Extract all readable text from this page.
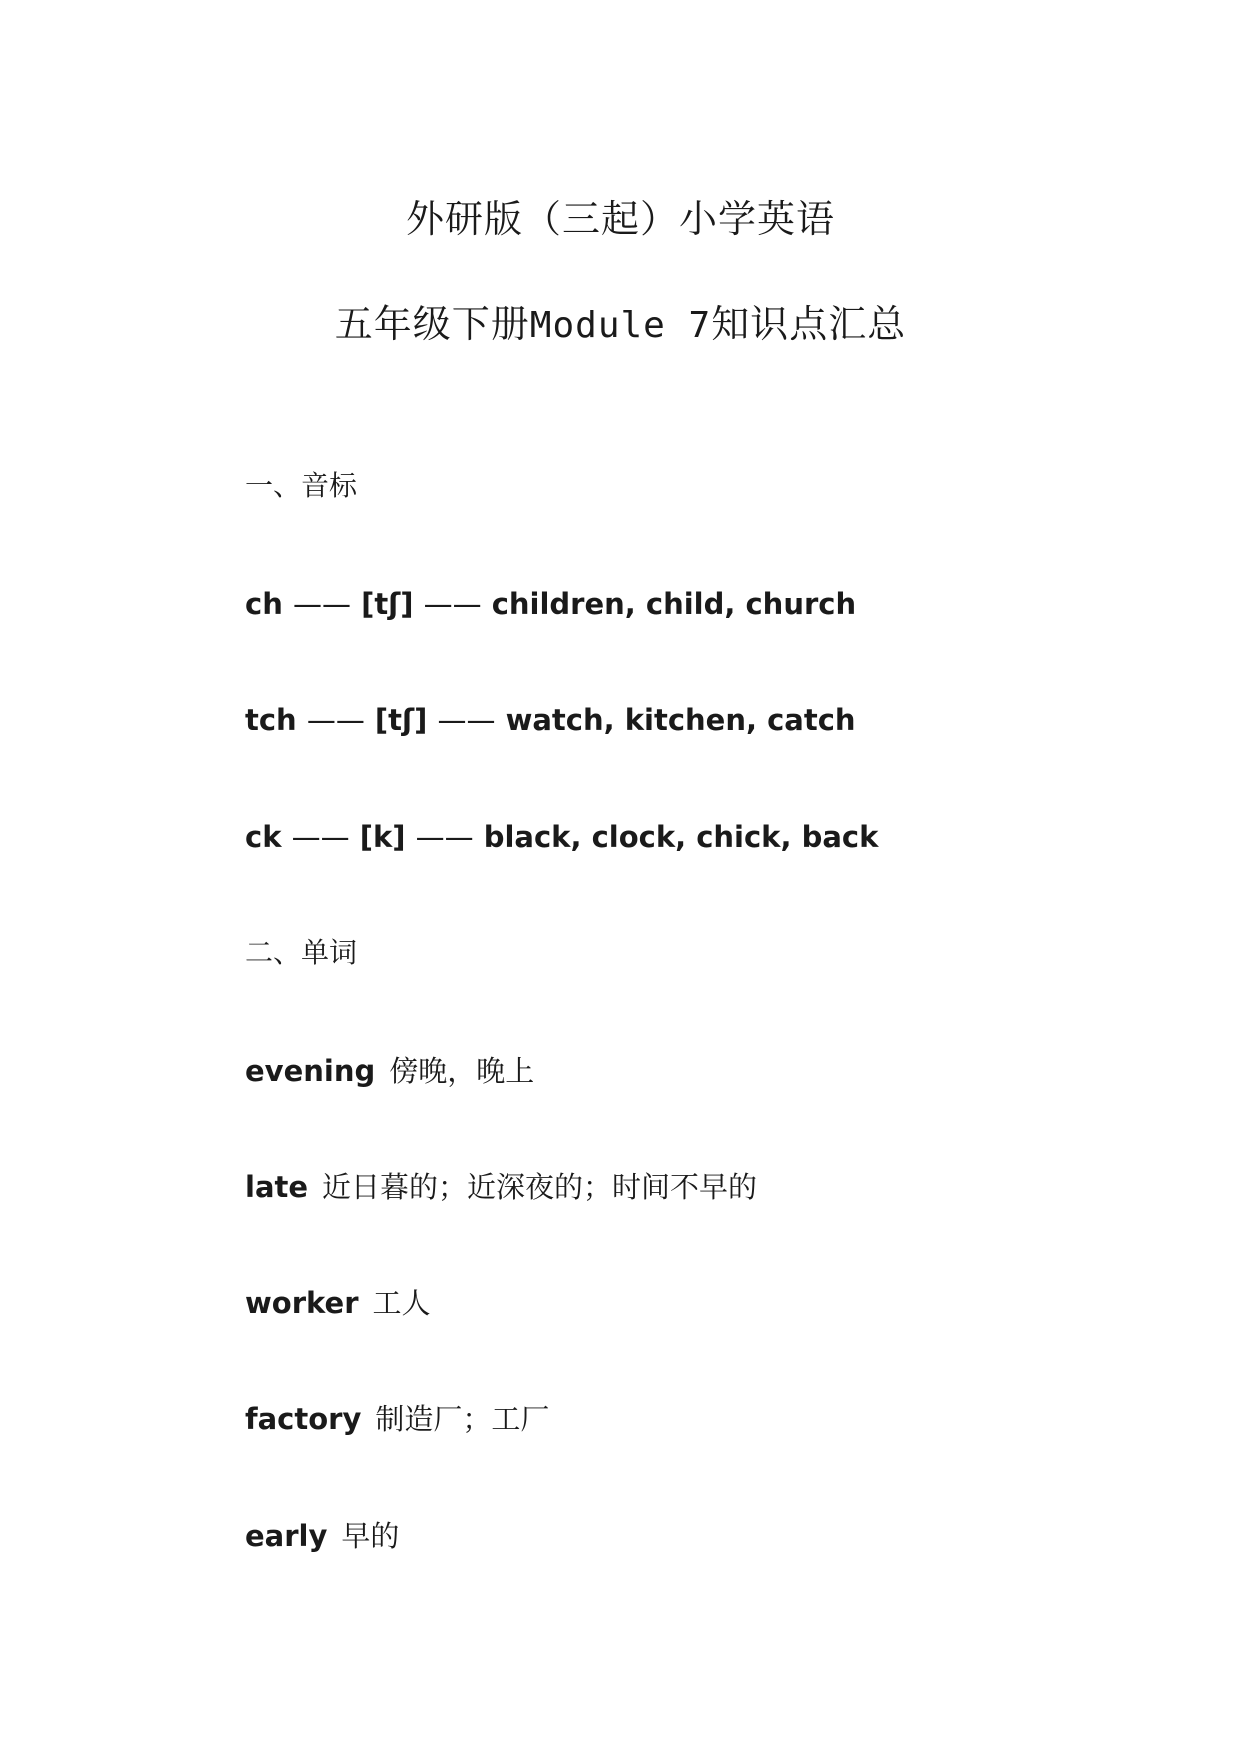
外研版（三起）小学英语
五年级下册Module 7知识点汇总
一、音标
ch —— [tʃ] —— children, child, church
tch —— [tʃ] —— watch, kitchen, catch
ck —— [k] —— black, clock, chick, back
二、单词
evening 傍晚，晚上
late 近日暮的；近深夜的；时间不早的
worker 工人
factory 制造厂；工厂
early 早的
